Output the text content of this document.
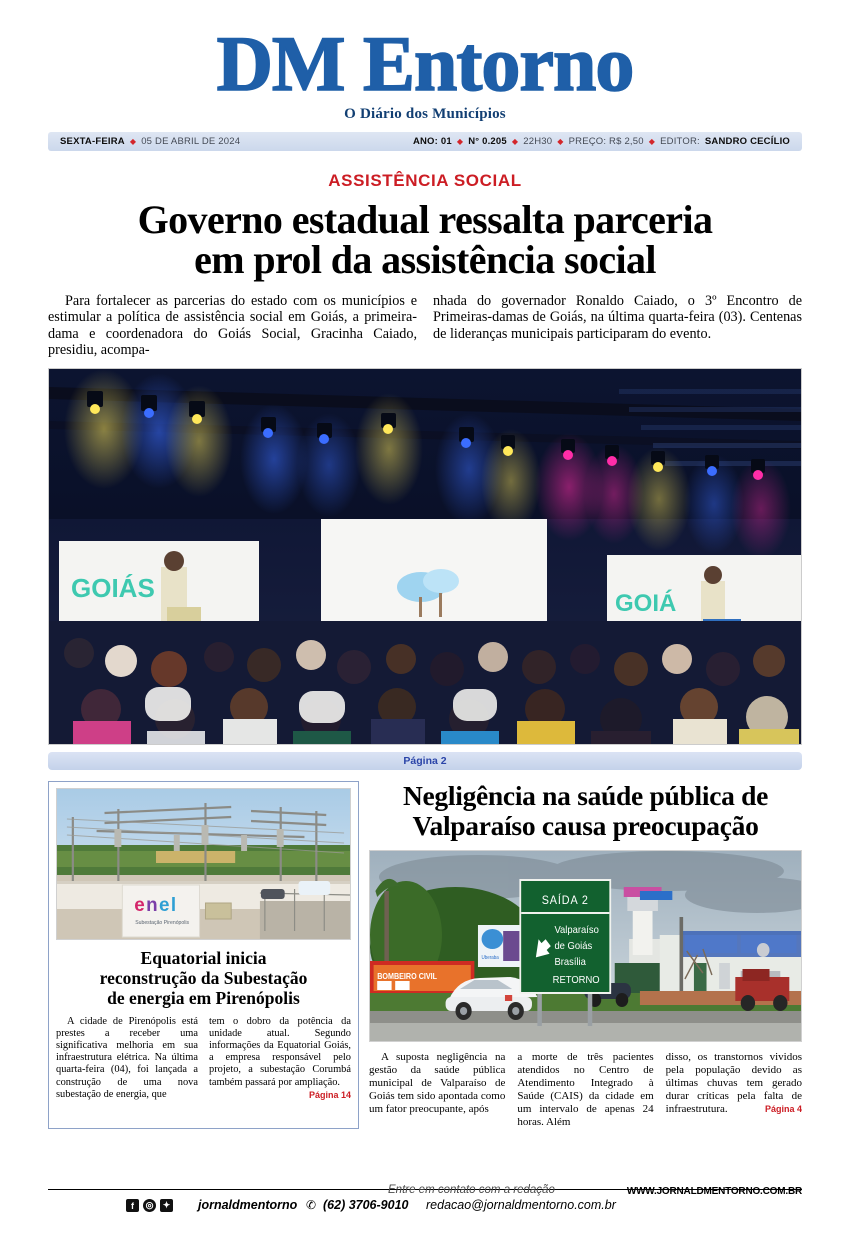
DM Entorno
O Diário dos Municípios
SEXTA-FEIRA ◆ 05 DE ABRIL DE 2024	ANO: 01 ◆ N° 0.205 ◆ 22H30 ◆ PREÇO: R$ 2,50 ◆ EDITOR: SANDRO CECÍLIO
ASSISTÊNCIA SOCIAL
Governo estadual ressalta parceria
em prol da assistência social

Para fortalecer as parcerias do estado com os municípios e estimular a política de assistência social em Goiás, a primeira-dama e coordenadora do Goiás Social, Gracinha Caiado, presidiu, acompa-

nhada do governador Ronaldo Caiado, o 3º Encontro de Primeiras-damas de Goiás, na última quarta-feira (03). Centenas de lideranças municipais participaram do evento.

GOIÁS
GOIÁ
Página 2
e n e l
Subestação Pirenópolis
Equatorial inicia
reconstrução da Subestação
de energia em Pirenópolis

A cidade de Pirenópolis está prestes a receber uma significativa melhoria em sua infraestrutura elétrica. Na última quarta-feira (04), foi lançada a construção de uma nova subestação de energia, que

tem o dobro da potência da unidade atual. Segundo informações da Equatorial Goiás, a empresa responsável pelo projeto, a subestação Corumbá também passará por ampliação.
Página 14

Negligência na saúde pública de
Valparaíso causa preocupação
Uberaba
BOMBEIRO CIVIL
SAÍDA 2
Valparaíso
de Goiás
Brasília
RETORNO

A suposta negligência na gestão da saúde pública municipal de Valparaíso de Goiás tem sido apontada como um fator preocupante, após

a morte de três pacientes atendidos no Centro de Atendimento Integrado à Saúde (CAIS) da cidade em um intervalo de apenas 24 horas. Além

disso, os transtornos vividos pela população devido as últimas chuvas tem gerado durar críticas pela falta de infraestrutura.	Página 4

Entre em contato com a redação
f	◎	✦ jornaldmentorno ✆ (62) 3706-9010 redacao@jornaldmentorno.com.br
WWW.JORNALDMENTORNO.COM.BR
